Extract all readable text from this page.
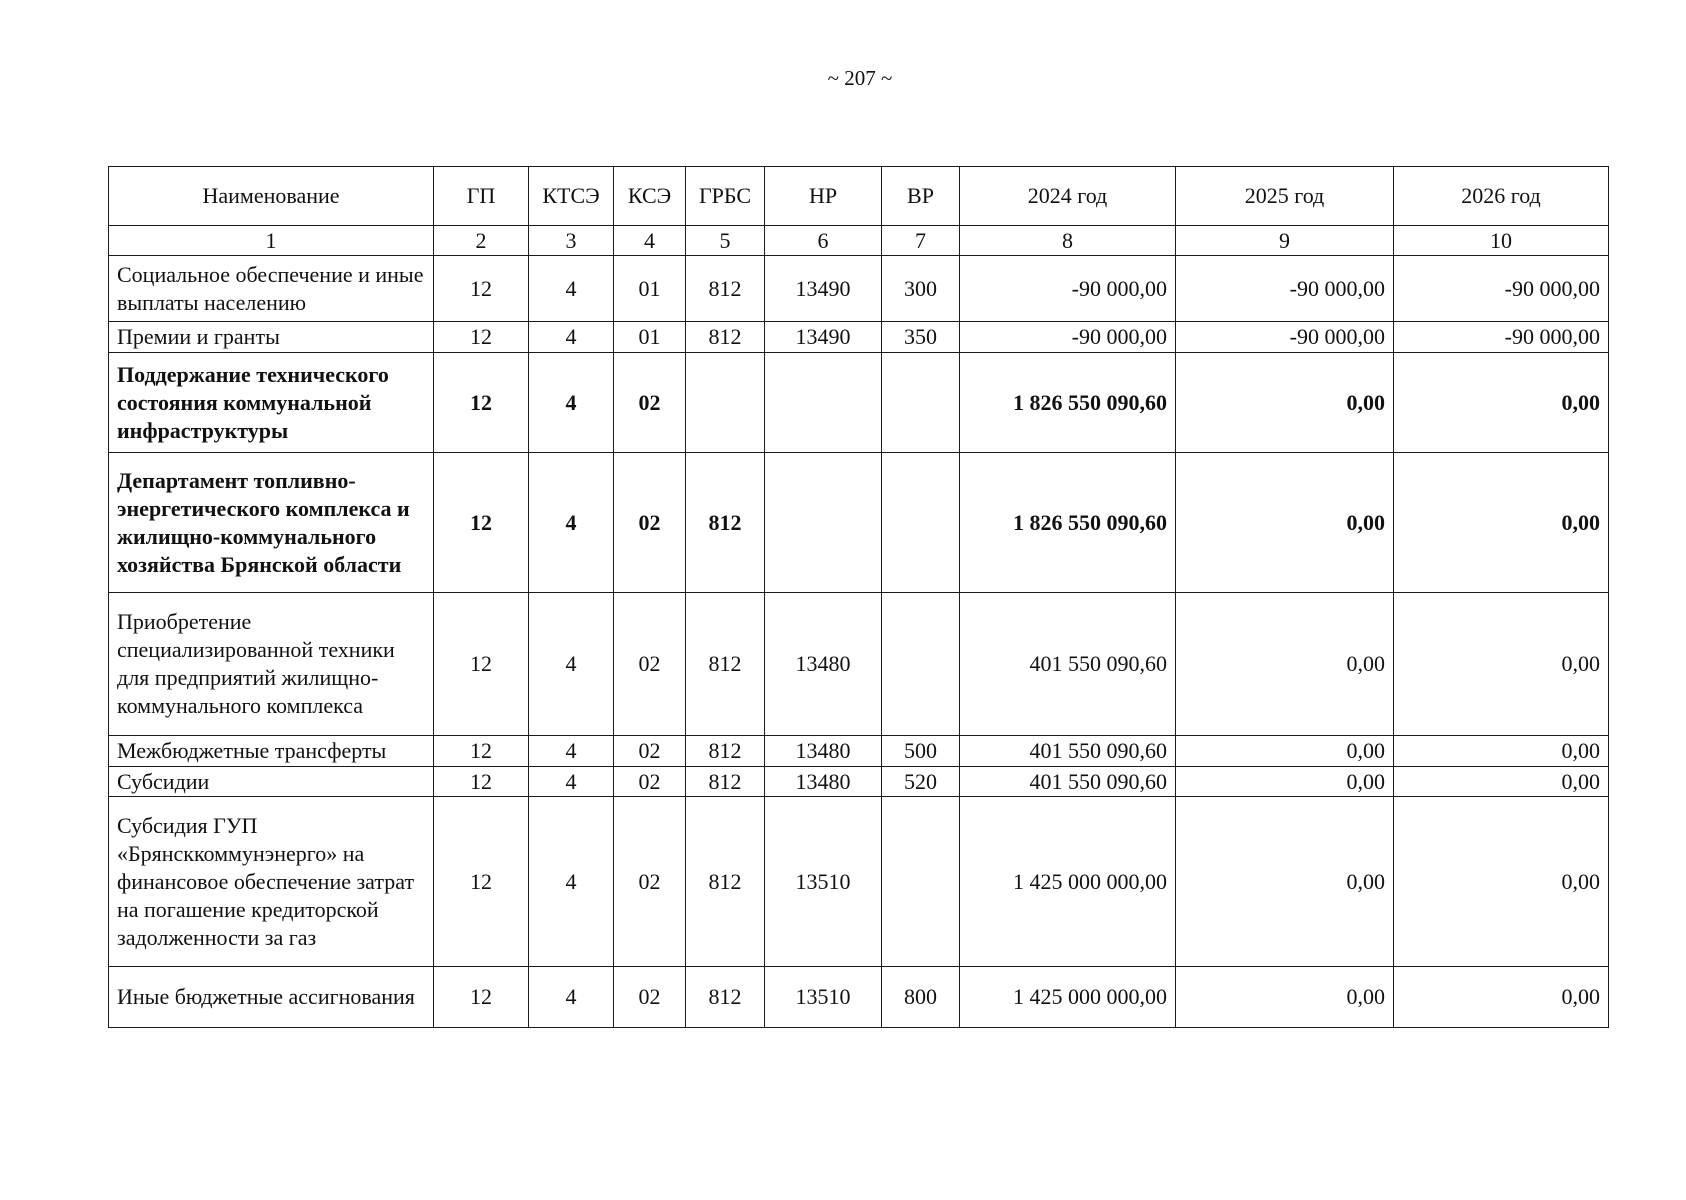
~ 207 ~
Наименование	ГП	КТСЭ	КСЭ	ГРБС	НР	ВР	2024 год	2025 год	2026 год
1	2	3	4	5	6	7	8	9	10
Социальное обеспечение и иные выплаты населению	12	4	01	812	13490	300	-90 000,00	-90 000,00	-90 000,00
Премии и гранты	12	4	01	812	13490	350	-90 000,00	-90 000,00	-90 000,00
Поддержание технического состояния коммунальной инфраструктуры	12	4	02				1 826 550 090,60	0,00	0,00
Департамент топливно-энергетического комплекса и жилищно-коммунального хозяйства Брянской области	12	4	02	812			1 826 550 090,60	0,00	0,00
Приобретение специализированной техники для предприятий жилищно-коммунального комплекса	12	4	02	812	13480		401 550 090,60	0,00	0,00
Межбюджетные трансферты	12	4	02	812	13480	500	401 550 090,60	0,00	0,00
Субсидии	12	4	02	812	13480	520	401 550 090,60	0,00	0,00
Субсидия ГУП «Брянсккоммунэнерго» на финансовое обеспечение затрат на погашение кредиторской задолженности за газ	12	4	02	812	13510		1 425 000 000,00	0,00	0,00
Иные бюджетные ассигнования	12	4	02	812	13510	800	1 425 000 000,00	0,00	0,00
